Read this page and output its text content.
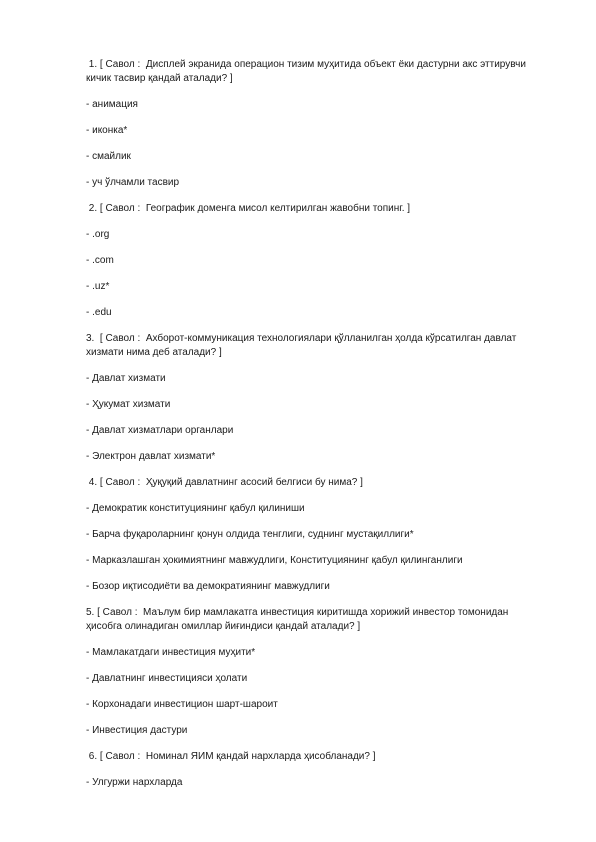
1. [ Савол :  Дисплей экранида операцион тизим муҳитида объект ёки дастурни акс эттирувчи кичик тасвир қандай аталади? ]

- анимация

- иконка*

- смайлик

- уч ўлчамли тасвир

2. [ Савол :  Географик доменга мисол келтирилган жавобни топинг. ]

- .org

- .com

- .uz*

- .edu

3.  [ Савол :  Ахборот-коммуникация технологиялари қўлланилган ҳолда кўрсатилган давлат хизмати нима деб аталади? ]

- Давлат хизмати

- Ҳукумат хизмати

- Давлат хизматлари органлари

- Электрон давлат хизмати*

4. [ Савол :  Ҳуқуқий давлатнинг асосий белгиси бу нима? ]

- Демократик конституциянинг қабул қилиниши

- Барча фуқароларнинг қонун олдида тенглиги, суднинг мустақиллиги*

- Марказлашган ҳокимиятнинг мавжудлиги, Конституциянинг қабул қилинганлиги

- Бозор иқтисодиёти ва демократиянинг мавжудлиги

5. [ Савол :  Маълум бир мамлакатга инвестиция киритишда хорижий инвестор томонидан ҳисобга олинадиган омиллар йиғиндиси қандай аталади? ]

- Мамлакатдаги инвестиция муҳити*

- Давлатнинг инвестицияси ҳолати

- Корхонадаги инвестицион шарт-шароит

- Инвестиция дастури

6. [ Савол :  Номинал ЯИМ қандай нархларда ҳисобланади? ]

- Улгуржи нархларда
